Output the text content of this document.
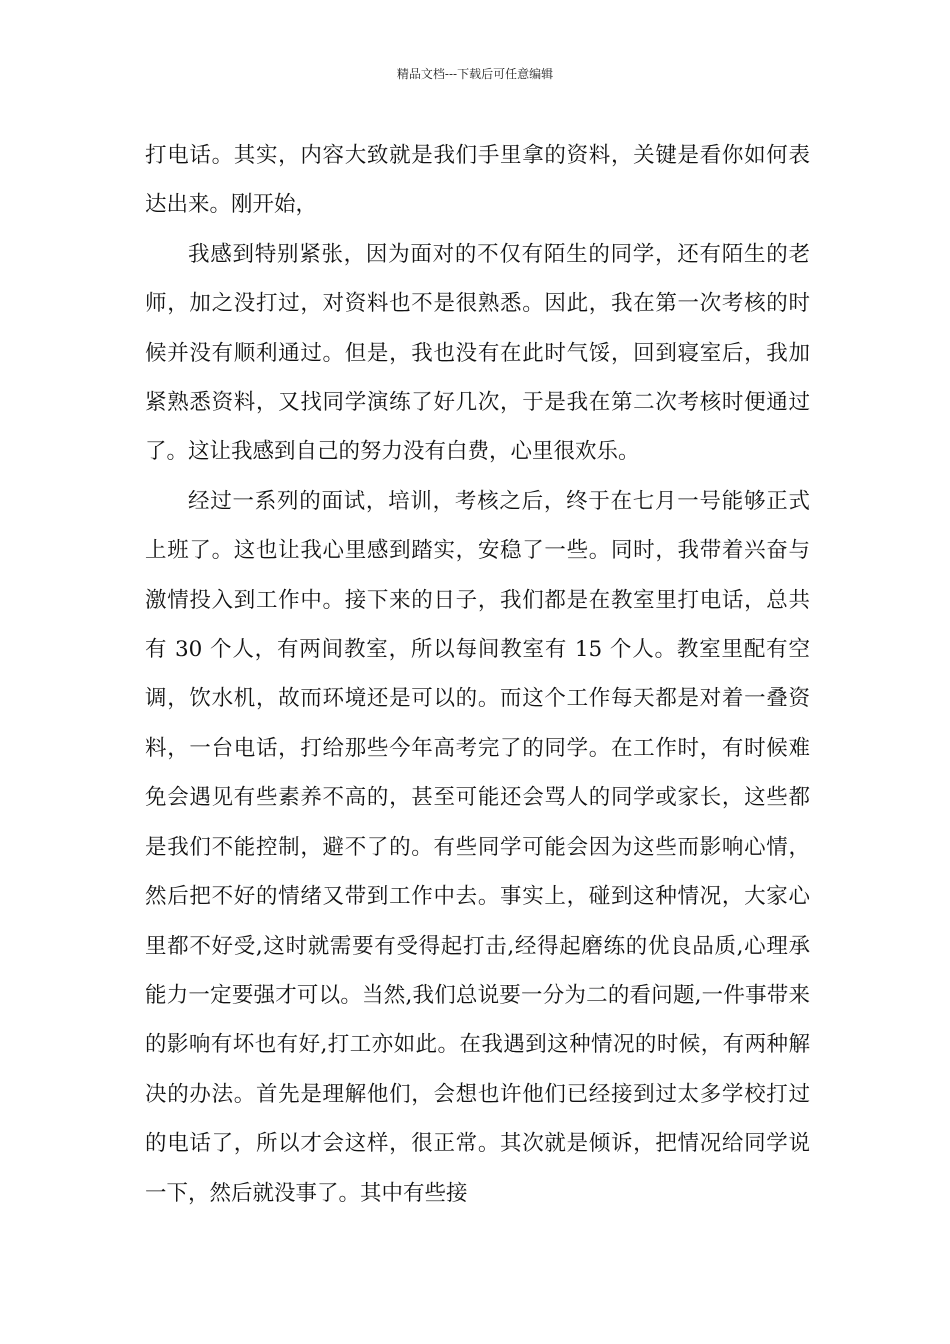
精品文档---下载后可任意编辑

打电话。其实，内容大致就是我们手里拿的资料，关键是看你如何表达出来。刚开始，

我感到特别紧张，因为面对的不仅有陌生的同学，还有陌生的老师，加之没打过，对资料也不是很熟悉。因此，我在第一次考核的时候并没有顺利通过。但是，我也没有在此时气馁，回到寝室后，我加紧熟悉资料，又找同学演练了好几次，于是我在第二次考核时便通过了。这让我感到自己的努力没有白费，心里很欢乐。

经过一系列的面试，培训，考核之后，终于在七月一号能够正式上班了。这也让我心里感到踏实，安稳了一些。同时，我带着兴奋与激情投入到工作中。接下来的日子，我们都是在教室里打电话，总共有 30 个人，有两间教室，所以每间教室有 15 个人。教室里配有空调，饮水机，故而环境还是可以的。而这个工作每天都是对着一叠资料，一台电话，打给那些今年高考完了的同学。在工作时，有时候难免会遇见有些素养不高的，甚至可能还会骂人的同学或家长，这些都是我们不能控制，避不了的。有些同学可能会因为这些而影响心情，然后把不好的情绪又带到工作中去。事实上，碰到这种情况，大家心里都不好受,这时就需要有受得起打击,经得起磨练的优良品质,心理承能力一定要强才可以。当然,我们总说要一分为二的看问题,一件事带来的影响有坏也有好,打工亦如此。在我遇到这种情况的时候，有两种解决的办法。首先是理解他们，会想也许他们已经接到过太多学校打过的电话了，所以才会这样，很正常。其次就是倾诉，把情况给同学说一下，然后就没事了。其中有些接
